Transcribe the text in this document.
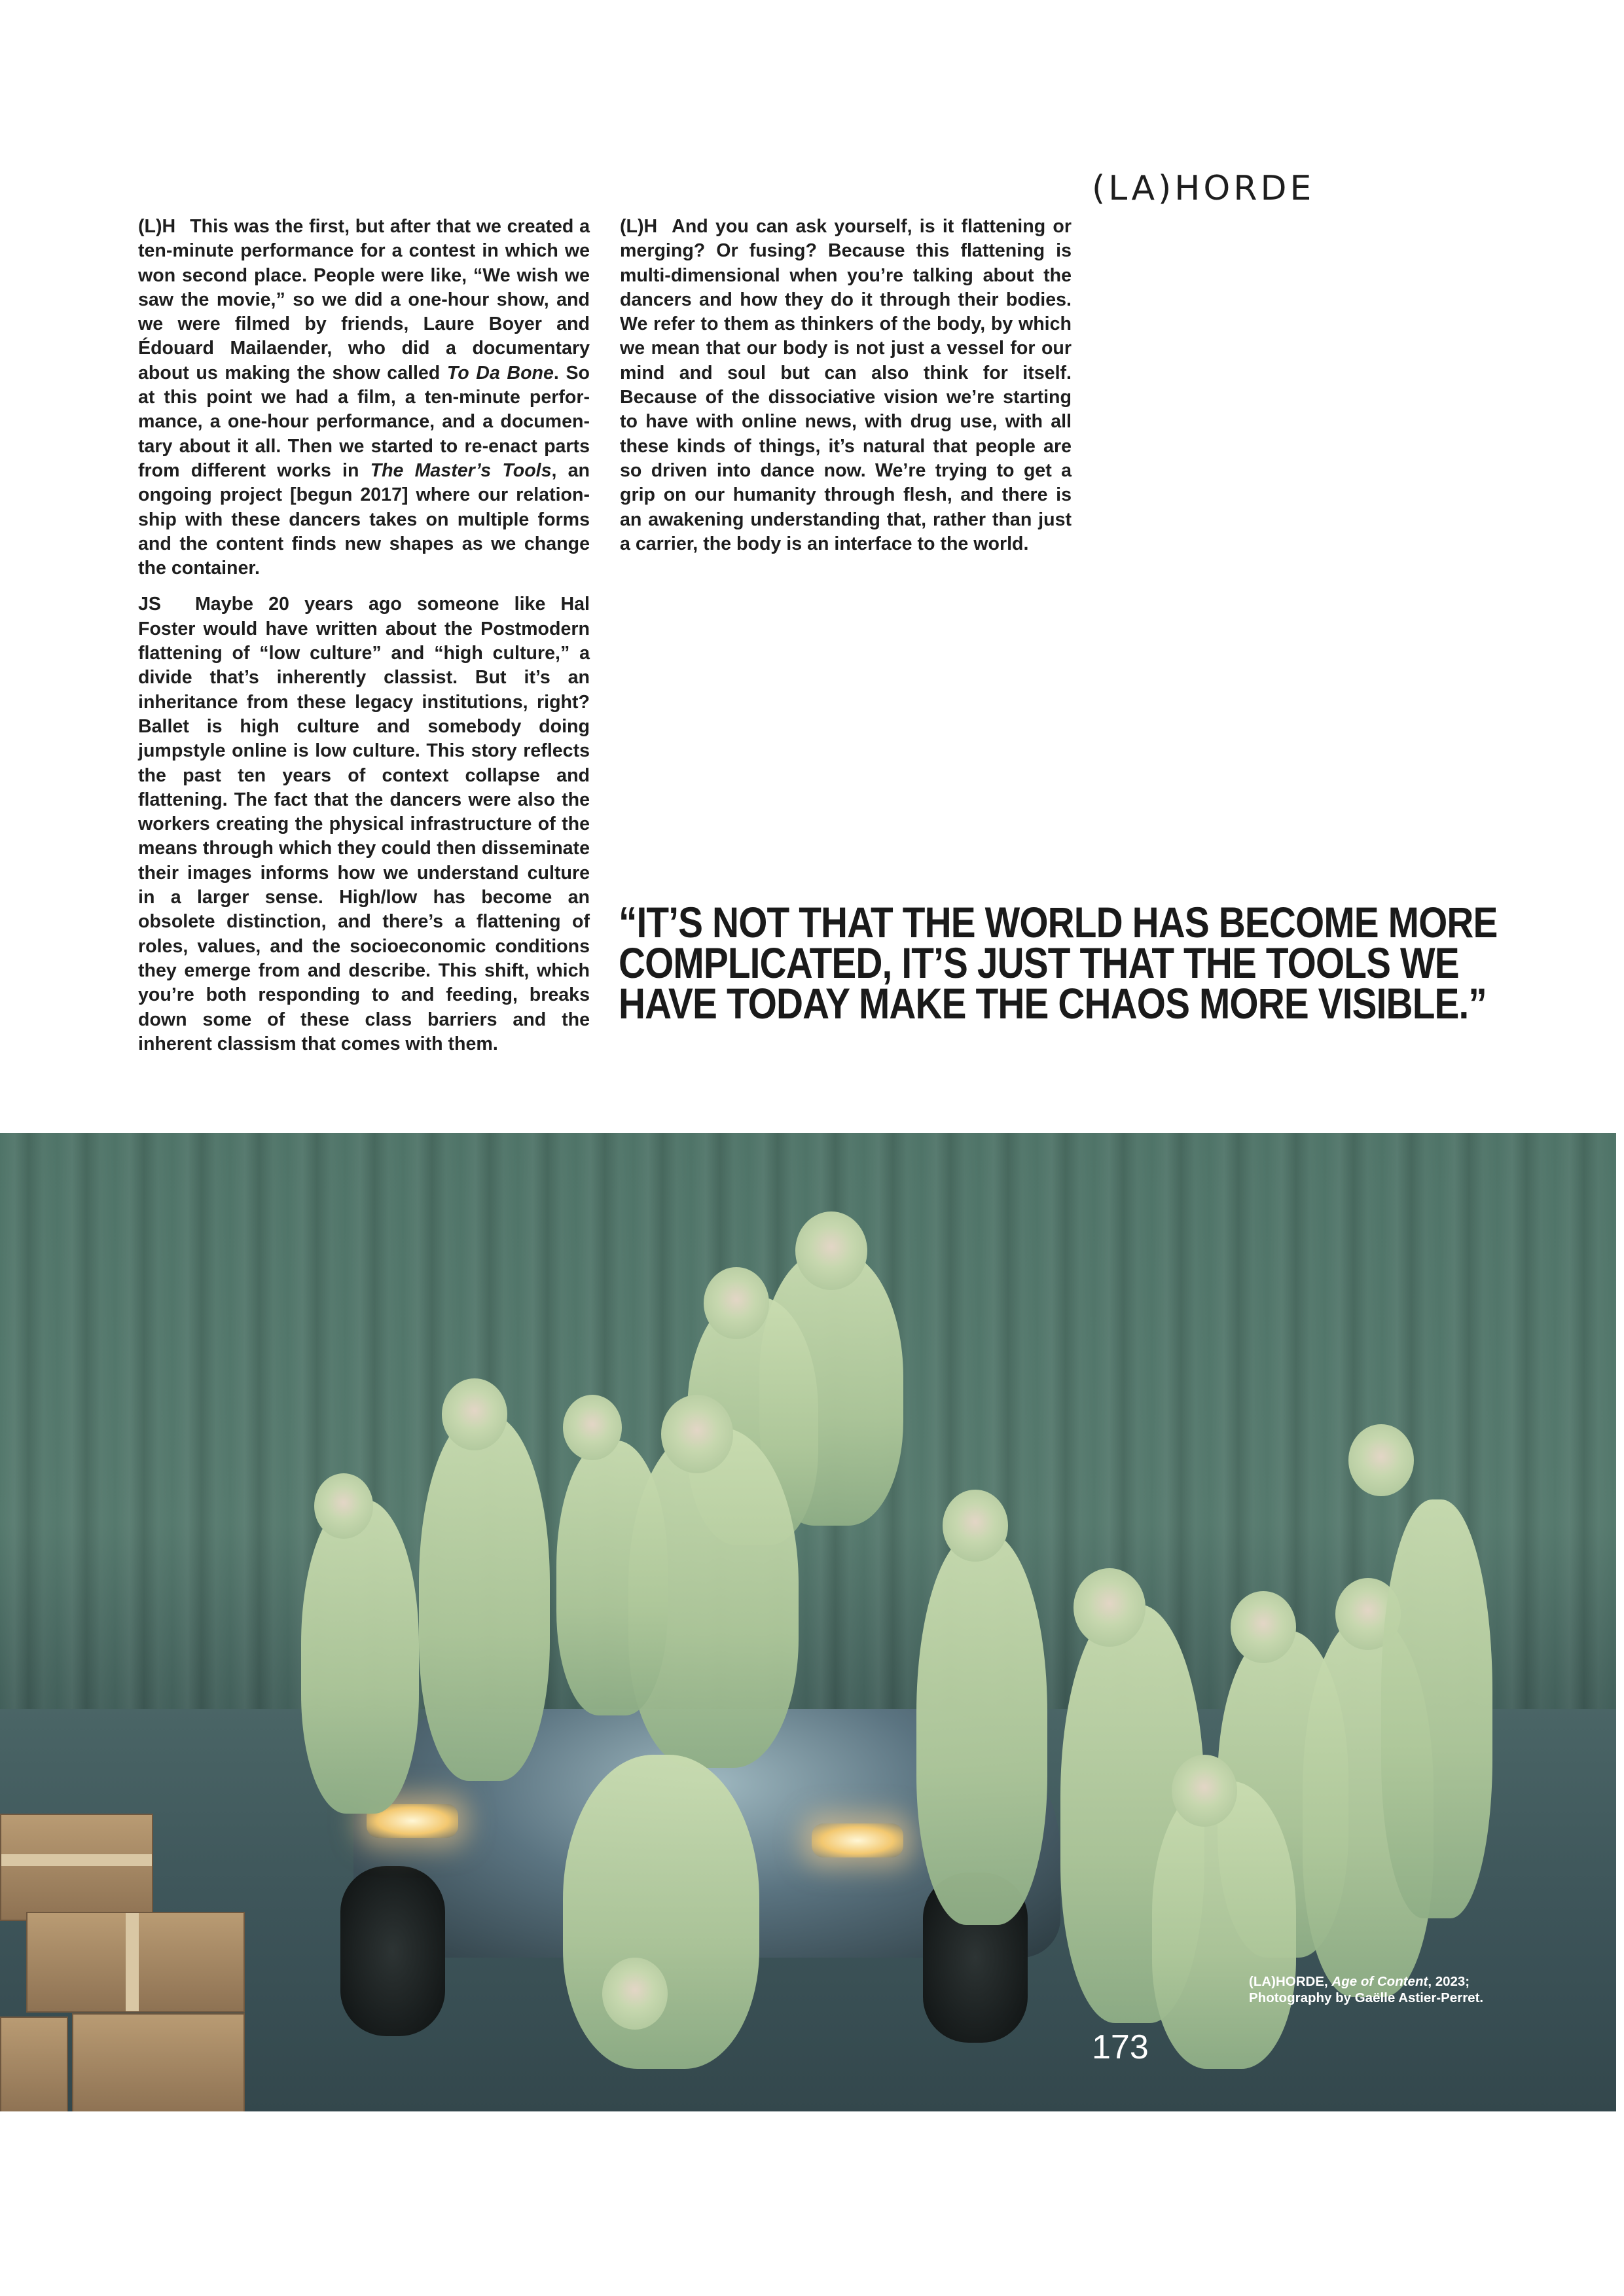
(LA)HORDE

(L)H This was the first, but after that we created a ten-minute performance for a contest in which we won second place. People were like, “We wish we saw the movie,” so we did a one-hour show, and we were filmed by friends, Laure Boyer and Édouard Mailaender, who did a documentary about us making the show called To Da Bone. So at this point we had a film, a ten-minute performance, a one-hour performance, and a documentary about it all. Then we started to re-enact parts from different works in The Master’s Tools, an ongoing project [begun 2017] where our relationship with these dancers takes on multiple forms and the content finds new shapes as we change the container.

JS Maybe 20 years ago someone like Hal Foster would have written about the Postmodern flattening of “low culture” and “high culture,” a divide that’s inherently classist. But it’s an inheritance from these legacy institutions, right? Ballet is high culture and somebody doing jumpstyle online is low culture. This story reflects the past ten years of context collapse and flattening. The fact that the dancers were also the workers creating the physical infrastructure of the means through which they could then disseminate their images informs how we understand culture in a larger sense. High/low has become an obsolete distinction, and there’s a flattening of roles, values, and the socioeconomic conditions they emerge from and describe. This shift, which you’re both responding to and feeding, breaks down some of these class barriers and the inherent classism that comes with them.

(L)H And you can ask yourself, is it flattening or merging? Or fusing? Because this flattening is multi-dimensional when you’re talking about the dancers and how they do it through their bodies. We refer to them as thinkers of the body, by which we mean that our body is not just a vessel for our mind and soul but can also think for itself. Because of the dissociative vision we’re starting to have with online news, with drug use, with all these kinds of things, it’s natural that people are so driven into dance now. We’re trying to get a grip on our humanity through flesh, and there is an awakening understanding that, rather than just a carrier, the body is an interface to the world.

“IT’S NOT THAT THE WORLD HAS BECOME MORE
COMPLICATED, IT’S JUST THAT THE TOOLS WE
HAVE TODAY MAKE THE CHAOS MORE VISIBLE.”
173
(LA)HORDE, Age of Content, 2023;
Photography by Gaëlle Astier-Perret.
